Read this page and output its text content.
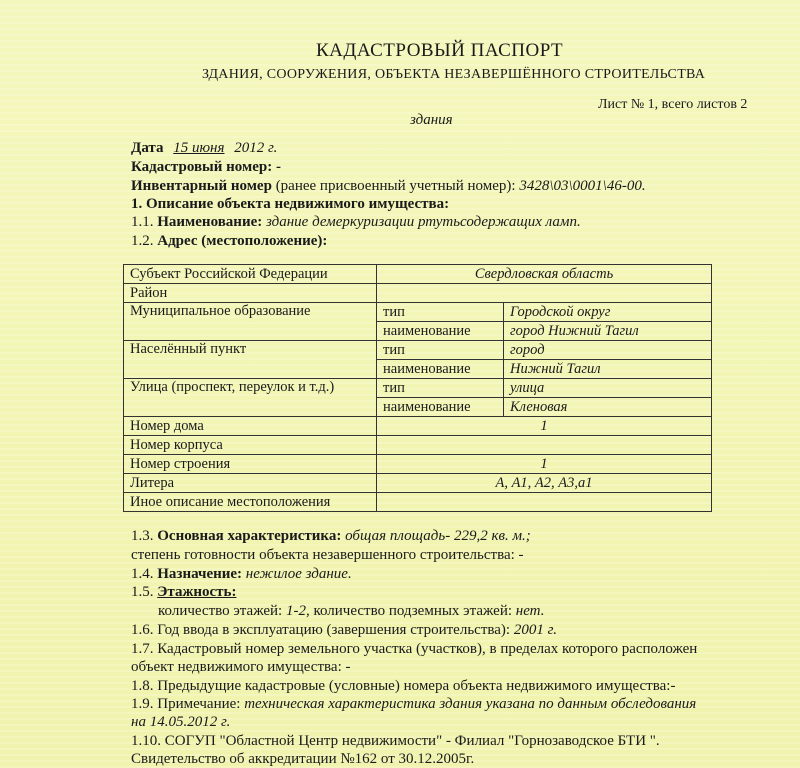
КАДАСТРОВЫЙ ПАСПОРТ
ЗДАНИЯ, СООРУЖЕНИЯ, ОБЪЕКТА НЕЗАВЕРШЁННОГО СТРОИТЕЛЬСТВА
Лист № 1, всего листов 2
здания
Дата 15 июня 2012 г.
Кадастровый номер: -
Инвентарный номер (ранее присвоенный учетный номер): 3428\03\0001\46-00.
1. Описание объекта недвижимого имущества:
1.1. Наименование: здание демеркуризации ртутьсодержащих ламп.
1.2. Адрес (местоположение):
Субъект Российской Федерации	Свердловская область	
Район		
Муниципальное образование	тип	Городской округ
	наименование	город Нижний Тагил
Населённый пункт	тип	город
	наименование	Нижний Тагил
Улица (проспект, переулок и т.д.)	тип	улица
	наименование	Кленовая
Номер дома	1	
Номер корпуса		
Номер строения	1	
Литера	А, А1, А2, А3,а1	
Иное описание местоположения		
1.3. Основная характеристика: общая площадь- 229,2 кв. м.;
степень готовности объекта незавершенного строительства: -
1.4. Назначение: нежилое здание.
1.5. Этажность:
количество этажей: 1-2, количество подземных этажей: нет.
1.6. Год ввода в эксплуатацию (завершения строительства): 2001 г.
1.7. Кадастровый номер земельного участка (участков), в пределах которого расположен
объект недвижимого имущества: -
1.8. Предыдущие кадастровые (условные) номера объекта недвижимого имущества:-
1.9. Примечание: техническая характеристика здания указана по данным обследования
на 14.05.2012 г.
1.10. СОГУП "Областной Центр недвижимости" - Филиал "Горнозаводское БТИ ".
Свидетельство об аккредитации №162 от 30.12.2005г.
